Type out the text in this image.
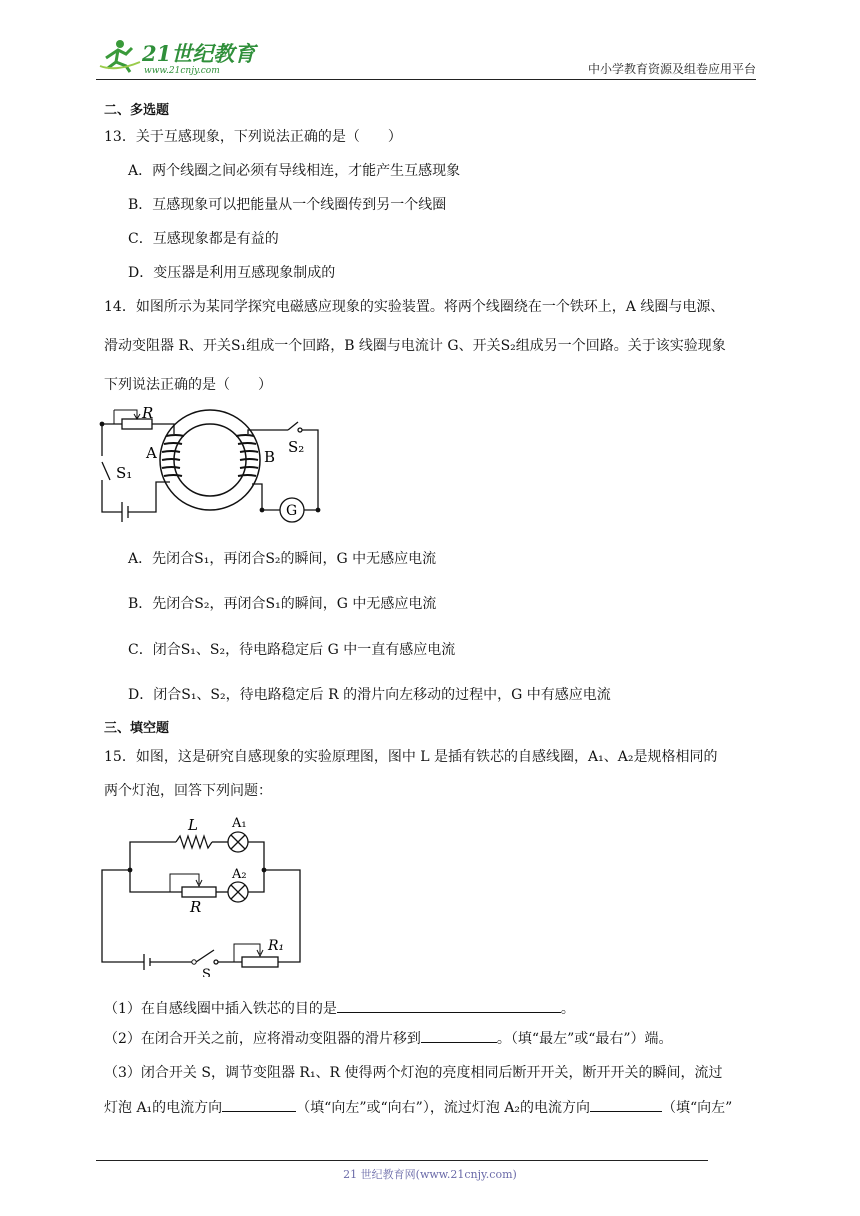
21世纪教育
www.21cnjy.com	中小学教育资源及组卷应用平台
二、多选题
13．关于互感现象，下列说法正确的是（　　）
A．两个线圈之间必须有导线相连，才能产生互感现象
B．互感现象可以把能量从一个线圈传到另一个线圈
C．互感现象都是有益的
D．变压器是利用互感现象制成的
14．如图所示为某同学探究电磁感应现象的实验装置。将两个线圈绕在一个铁环上，A 线圈与电源、
滑动变阻器 R、开关S₁组成一个回路，B 线圈与电流计 G、开关S₂组成另一个回路。关于该实验现象
下列说法正确的是（　　）
R
A	B
S₁
S₂
G
A．先闭合S₁，再闭合S₂的瞬间，G 中无感应电流
B．先闭合S₂，再闭合S₁的瞬间，G 中无感应电流
C．闭合S₁、S₂，待电路稳定后 G 中一直有感应电流
D．闭合S₁、S₂，待电路稳定后 R 的滑片向左移动的过程中，G 中有感应电流
三、填空题
15．如图，这是研究自感现象的实验原理图，图中 L 是插有铁芯的自感线圈，A₁、A₂是规格相同的
两个灯泡，回答下列问题：
L	A₁
A₂
R
R₁
S
（1）在自感线圈中插入铁芯的目的是	。
（2）在闭合开关之前，应将滑动变阻器的滑片移到	。（填“最左”或“最右”）端。
（3）闭合开关 S，调节变阻器 R₁、R 使得两个灯泡的亮度相同后断开开关，断开开关的瞬间，流过
灯泡 A₁的电流方向	（填“向左”或“向右”），流过灯泡 A₂的电流方向	（填“向左”
21 世纪教育网(www.21cnjy.com)
